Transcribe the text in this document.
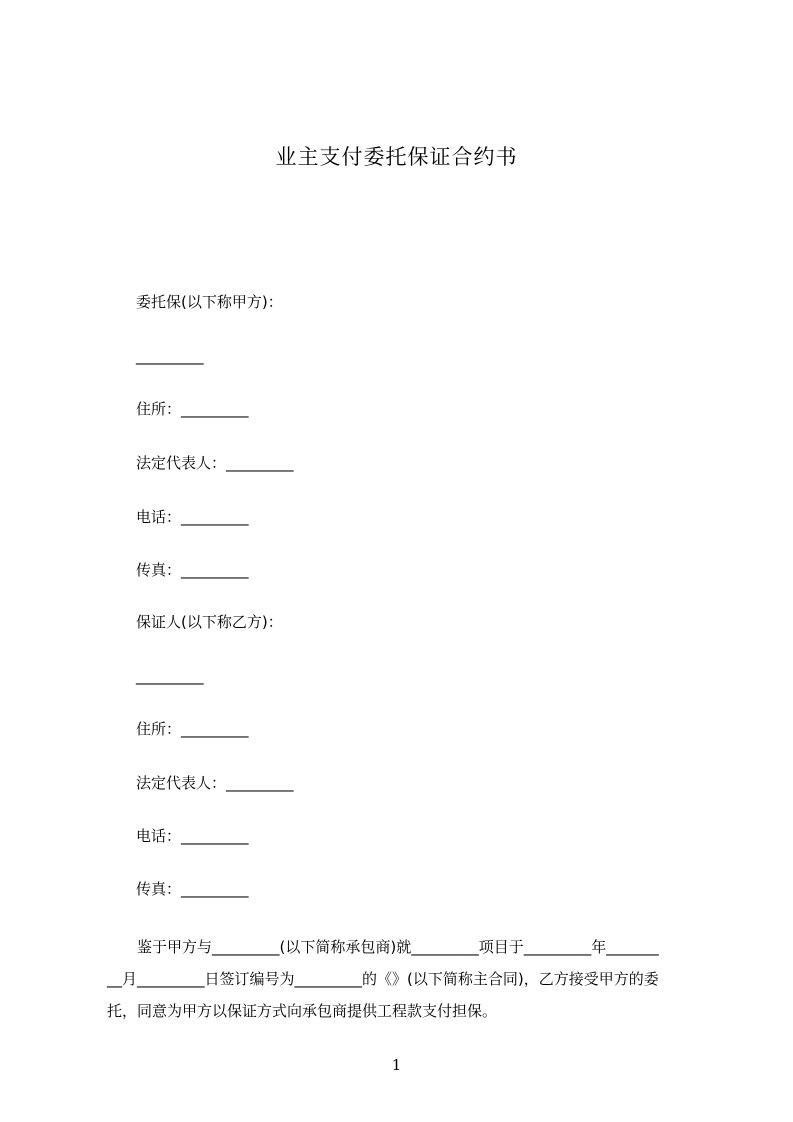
业主支付委托保证合约书
委托保(以下称甲方)：
_________
住所：_________
法定代表人：_________
电话：_________
传真：_________
保证人(以下称乙方)：
_________
住所：_________
法定代表人：_________
电话：_________
传真：_________
鉴于甲方与_________(以下简称承包商)就_________项目于_________年_______
__月_________日签订编号为_________的《》(以下简称主合同)，乙方接受甲方的委
托，同意为甲方以保证方式向承包商提供工程款支付担保。
1
